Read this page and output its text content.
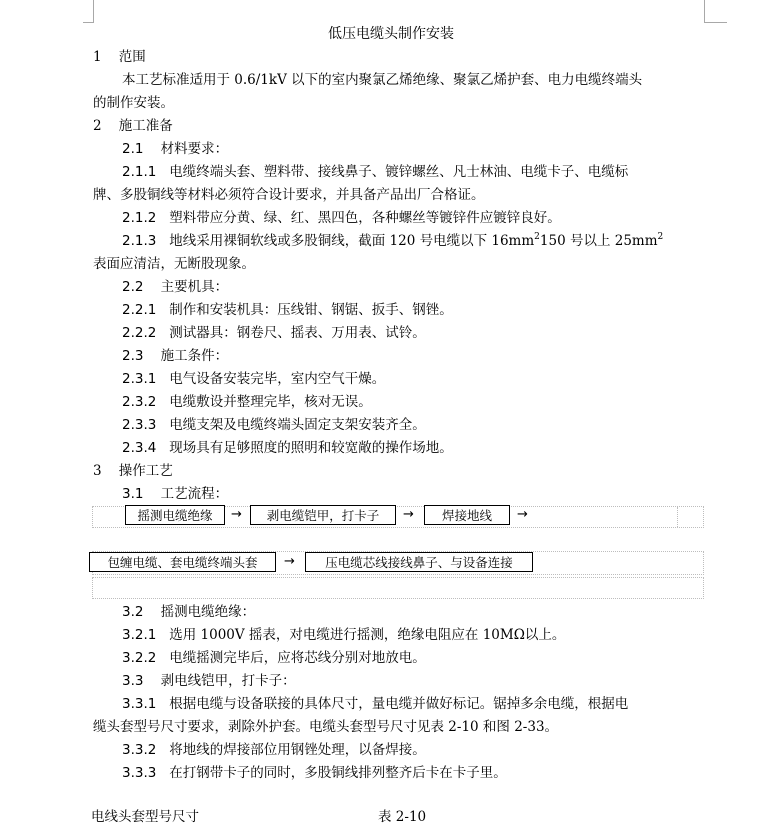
低压电缆头制作安装
1 范围
本工艺标准适用于 0.6/1kV 以下的室内聚氯乙烯绝缘、聚氯乙烯护套、电力电缆终端头
的制作安装。
2 施工准备
2.1 材料要求：
2.1.1 电缆终端头套、塑料带、接线鼻子、镀锌螺丝、凡士林油、电缆卡子、电缆标
牌、多股铜线等材料必须符合设计要求，并具备产品出厂合格证。
2.1.2 塑料带应分黄、绿、红、黑四色，各种螺丝等镀锌件应镀锌良好。
2.1.3 地线采用裸铜软线或多股铜线，截面 120 号电缆以下 $16mm^2150$ 号以上 $25mm^2$
表面应清洁，无断股现象。
2.2 主要机具：
2.2.1 制作和安装机具：压线钳、钢锯、扳手、钢锉。
2.2.2 测试器具：钢卷尺、摇表、万用表、试铃。
2.3 施工条件：
2.3.1 电气设备安装完毕，室内空气干燥。
2.3.2 电缆敷设并整理完毕，核对无误。
2.3.3 电缆支架及电缆终端头固定支架安装齐全。
2.3.4 现场具有足够照度的照明和较宽敞的操作场地。
3 操作工艺
3.1 工艺流程：
摇测电缆绝缘	→	剥电缆铠甲，打卡子	→	焊接地线	→
包缠电缆、套电缆终端头套	→	压电缆芯线接线鼻子、与设备连接
3.2 摇测电缆绝缘：
3.2.1 选用 1000V 摇表，对电缆进行摇测，绝缘电阻应在 10MΩ以上。
3.2.2 电缆摇测完毕后，应将芯线分别对地放电。
3.3 剥电线铠甲，打卡子：
3.3.1 根据电缆与设备联接的具体尺寸，量电缆并做好标记。锯掉多余电缆，根据电
缆头套型号尺寸要求，剥除外护套。电缆头套型号尺寸见表 2-10 和图 2-33。
3.3.2 将地线的焊接部位用钢锉处理，以备焊接。
3.3.3 在打钢带卡子的同时，多股铜线排列整齐后卡在卡子里。
电线头套型号尺寸	表 2-10
